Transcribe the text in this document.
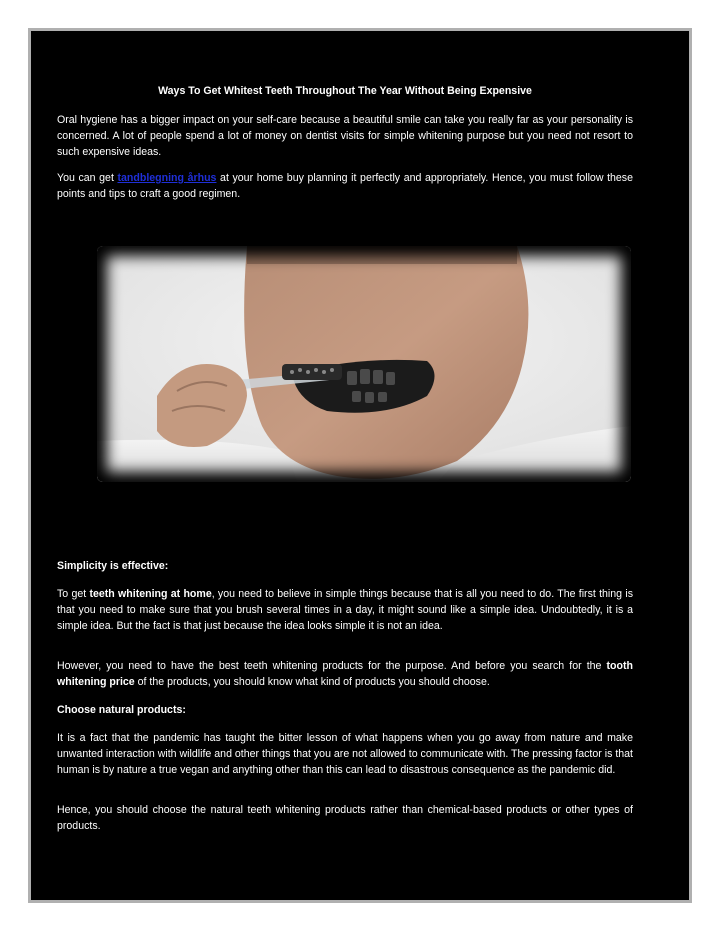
Ways To Get Whitest Teeth Throughout The Year Without Being Expensive

Oral hygiene has a bigger impact on your self-care because a beautiful smile can take you really far as your personality is concerned. A lot of people spend a lot of money on dentist visits for simple whitening purpose but you need not resort to such expensive ideas.

You can get tandblegning århus at your home buy planning it perfectly and appropriately. Hence, you must follow these points and tips to craft a good regimen.

Simplicity is effective:

To get teeth whitening at home, you need to believe in simple things because that is all you need to do. The first thing is that you need to make sure that you brush several times in a day, it might sound like a simple idea. Undoubtedly, it is a simple idea. But the fact is that just because the idea looks simple it is not an idea.

However, you need to have the best teeth whitening products for the purpose. And before you search for the tooth whitening price of the products, you should know what kind of products you should choose.

Choose natural products:

It is a fact that the pandemic has taught the bitter lesson of what happens when you go away from nature and make unwanted interaction with wildlife and other things that you are not allowed to communicate with. The pressing factor is that human is by nature a true vegan and anything other than this can lead to disastrous consequence as the pandemic did.

Hence, you should choose the natural teeth whitening products rather than chemical-based products or other types of products.
